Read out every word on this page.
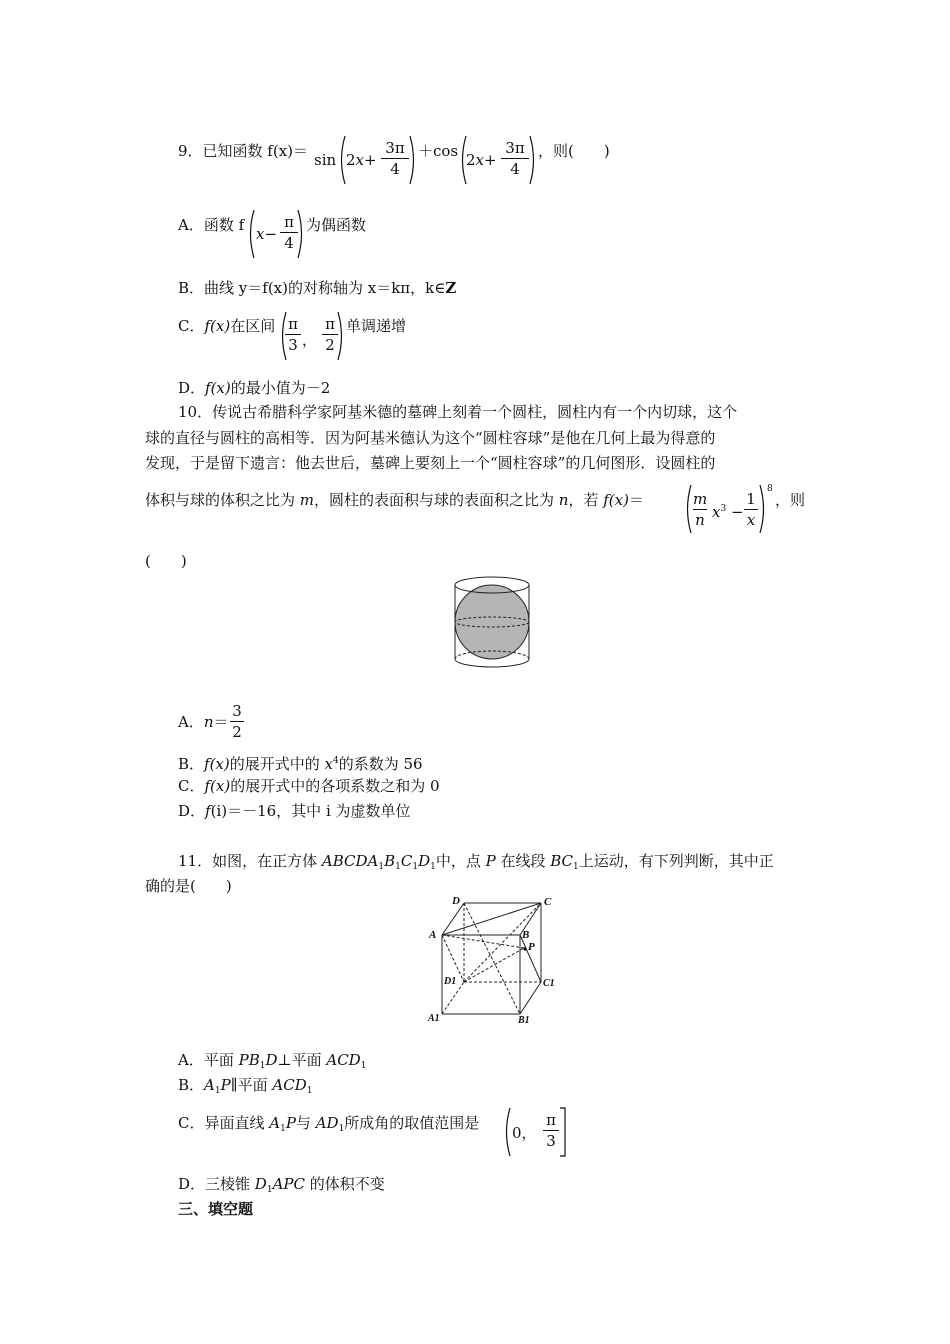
9．已知函数 f(x)＝ sin 2x+
3π
4
＋cos 2x+
3π
4
，则(　　)
A．函数 f x−
π
4
为偶函数
B．曲线 y＝f(x)的对称轴为 x＝kπ，k∈Z
C．f(x)在区间 π
3 ，
π
2
单调递增
D．f(x)的最小值为－2
10．传说古希腊科学家阿基米德的墓碑上刻着一个圆柱，圆柱内有一个内切球，这个
球的直径与圆柱的高相等．因为阿基米德认为这个“圆柱容球”是他在几何上最为得意的
发现，于是留下遗言：他去世后，墓碑上要刻上一个“圆柱容球”的几何图形．设圆柱的
体积与球的体积之比为 m，圆柱的表面积与球的表面积之比为 n，若 f(x)＝	m
n $x^3$ −
1
x
8
，则
(　　)
A．n＝
3
2
B．f(x)的展开式中的 $x^4$的系数为 56
C．f(x)的展开式中的各项系数之和为 0
D．f(i)＝－16，其中 i 为虚数单位
11．如图，在正方体 $ABCDA_1B_1C_1D_1$中，点 P 在线段 $BC_1$上运动，有下列判断，其中正
确的是(　　)
D	C
A	B
P
D1	C1
A1	B1
A．平面 $PB_1D\perp$平面 $ACD_1$
B．$A_1P\parallel$平面 $ACD_1$
C．异面直线 $A_1P$与 $AD_1$所成角的取值范围是
0，
π
3
D．三棱锥 $D_1APC$ 的体积不变
三、填空题
